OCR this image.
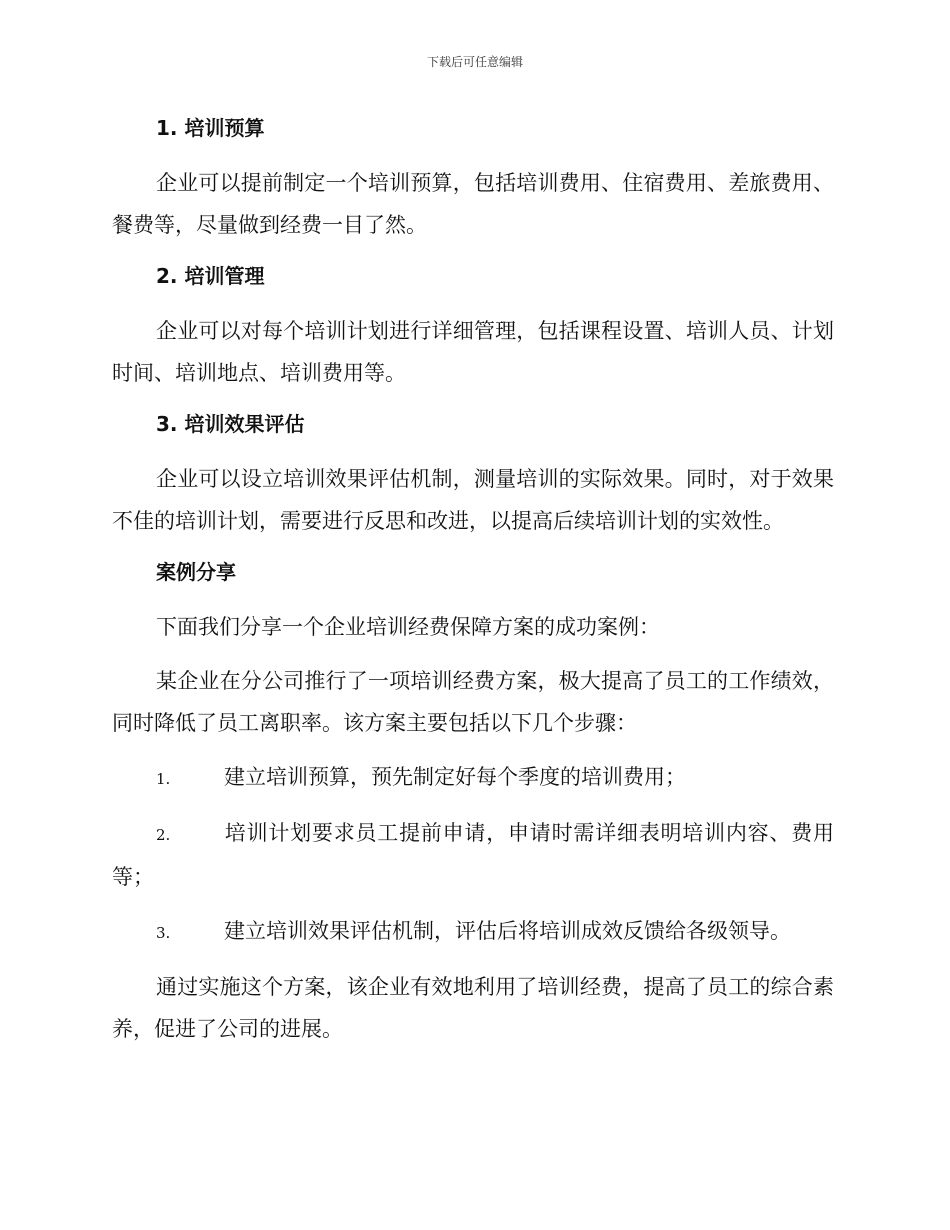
下载后可任意编辑
1. 培训预算

企业可以提前制定一个培训预算，包括培训费用、住宿费用、差旅费用、餐费等，尽量做到经费一目了然。

2. 培训管理

企业可以对每个培训计划进行详细管理，包括课程设置、培训人员、计划时间、培训地点、培训费用等。

3. 培训效果评估

企业可以设立培训效果评估机制，测量培训的实际效果。同时，对于效果不佳的培训计划，需要进行反思和改进，以提高后续培训计划的实效性。

案例分享

下面我们分享一个企业培训经费保障方案的成功案例：

某企业在分公司推行了一项培训经费方案，极大提高了员工的工作绩效，同时降低了员工离职率。该方案主要包括以下几个步骤：

1.	建立培训预算，预先制定好每个季度的培训费用；

2.	培训计划要求员工提前申请，申请时需详细表明培训内容、费用等；

3.	建立培训效果评估机制，评估后将培训成效反馈给各级领导。

通过实施这个方案，该企业有效地利用了培训经费，提高了员工的综合素养，促进了公司的进展。
